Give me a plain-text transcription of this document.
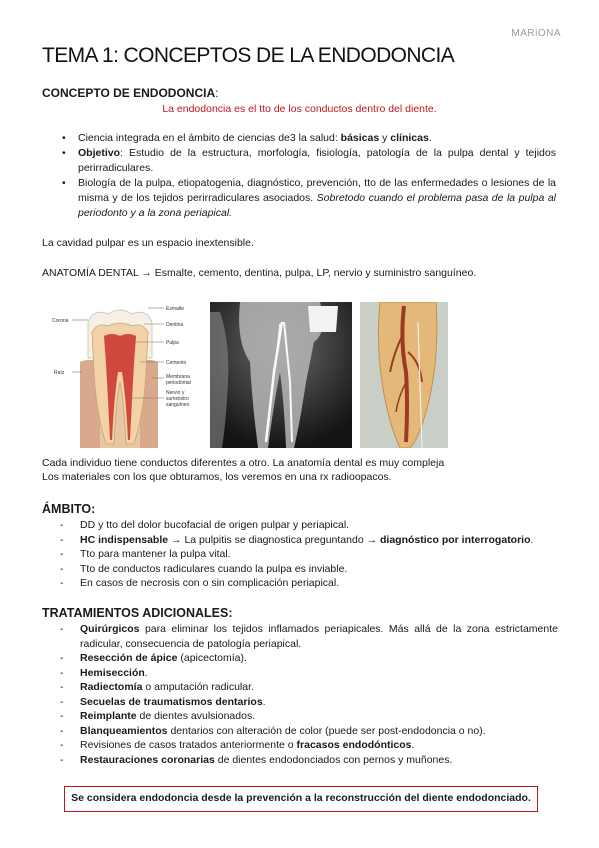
MARiONA
TEMA 1: CONCEPTOS DE LA ENDODONCIA
CONCEPTO DE ENDODONCIA:
La endodoncia es el tto de los conductos dentro del diente.
• Ciencia integrada en el ámbito de ciencias de3 la salud: básicas y clínicas.
• Objetivo: Estudio de la estructura, morfología, fisiología, patología de la pulpa dental y tejidos perirradiculares.
• Biología de la pulpa, etiopatogenia, diagnóstico, prevención, tto de las enfermedades o lesiones de la misma y de los tejidos perirradiculares asociados. Sobretodo cuando el problema pasa de la pulpa al periodonto y a la zona periapical.
La cavidad pulpar es un espacio inextensible.
ANATOMÍA DENTAL → Esmalte, cemento, dentina, pulpa, LP, nervio y suministro sanguíneo.
Corona
Raíz
Esmalte
Dentina
Pulpa
Cemento
Membrana
periodontal
Nervio y
suministro
sanguíneo
Cada individuo tiene conductos diferentes a otro. La anatomía dental es muy compleja
Los materiales con los que obturamos, los veremos en una rx radioopacos.
ÁMBITO:
- DD y tto del dolor bucofacial de origen pulpar y periapical.
- HC indispensable → La pulpitis se diagnostica preguntando → diagnóstico por interrogatorio.
- Tto para mantener la pulpa vital.
- Tto de conductos radiculares cuando la pulpa es inviable.
- En casos de necrosis con o sin complicación periapical.
TRATAMIENTOS ADICIONALES:
- Quirúrgicos para eliminar los tejidos inflamados periapicales. Más allá de la zona estrictamente radicular, consecuencia de patología periapical.
- Resección de ápice (apicectomía).
- Hemisección.
- Radiectomía o amputación radicular.
- Secuelas de traumatismos dentarios.
- Reimplante de dientes avulsionados.
- Blanqueamientos dentarios con alteración de color (puede ser post-endodoncia o no).
- Revisiones de casos tratados anteriormente o fracasos endodónticos.
- Restauraciones coronarias de dientes endodonciados con pernos y muñones.
Se considera endodoncia desde la prevención a la reconstrucción del diente endodonciado.
